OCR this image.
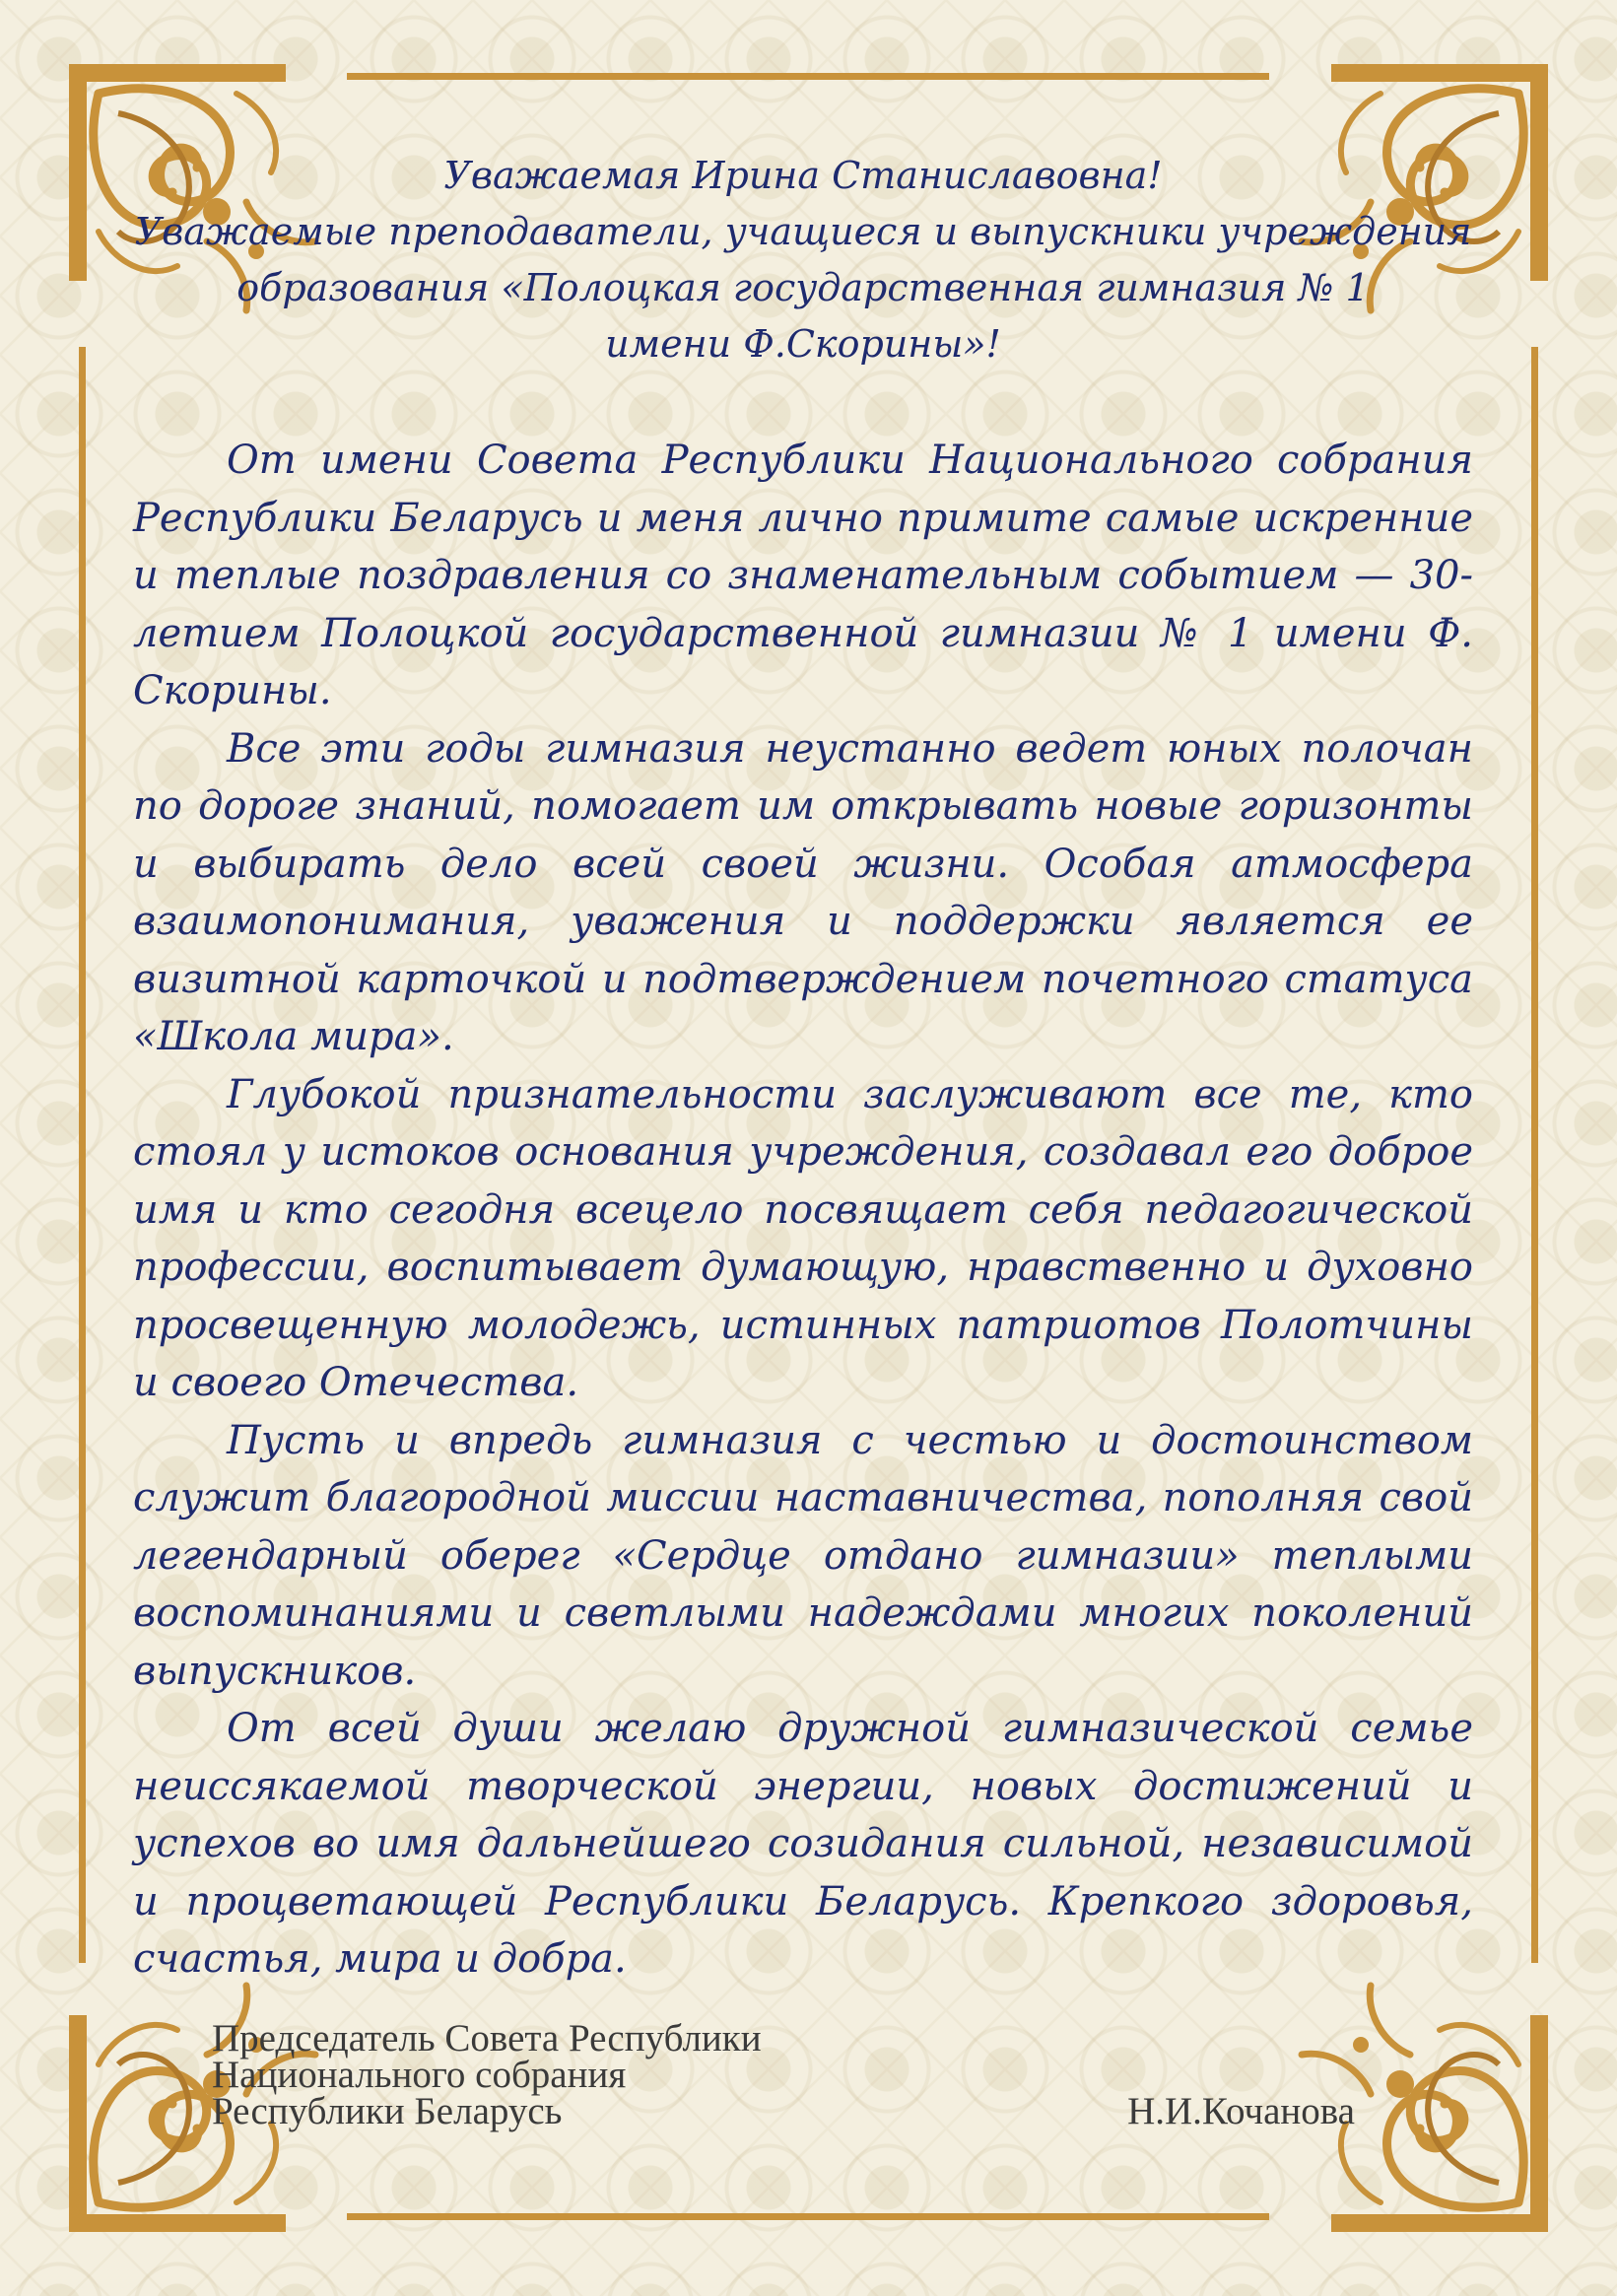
Уважаемая Ирина Станиславовна!
Уважаемые преподаватели, учащиеся и выпускники учреждения
образования «Полоцкая государственная гимназия № 1
имени Ф.Скорины»!

От имени Совета Республики Национального собрания Республики Беларусь и меня лично примите самые искренние и теплые поздравления со знаменательным событием — 30-летием Полоцкой государственной гимназии № 1 имени Ф. Скорины.

Все эти годы гимназия неустанно ведет юных полочан по дороге знаний, помогает им открывать новые горизонты и выбирать дело всей своей жизни. Особая атмосфера взаимопонимания, уважения и поддержки является ее визитной карточкой и подтверждением почетного статуса «Школа мира».

Глубокой признательности заслуживают все те, кто стоял у истоков основания учреждения, создавал его доброе имя и кто сегодня всецело посвящает себя педагогической профессии, воспитывает думающую, нравственно и духовно просвещенную молодежь, истинных патриотов Полотчины и своего Отечества.

Пусть и впредь гимназия с честью и достоинством служит благородной миссии наставничества, пополняя свой легендарный оберег «Сердце отдано гимназии» теплыми воспоминаниями и светлыми надеждами многих поколений выпускников.

От всей души желаю дружной гимназической семье неиссякаемой творческой энергии, новых достижений и успехов во имя дальнейшего созидания сильной, независимой и процветающей Республики Беларусь. Крепкого здоровья, счастья, мира и добра.

Председатель Совета Республики
Национального собрания
Республики Беларусь	Н.И.Кочанова
